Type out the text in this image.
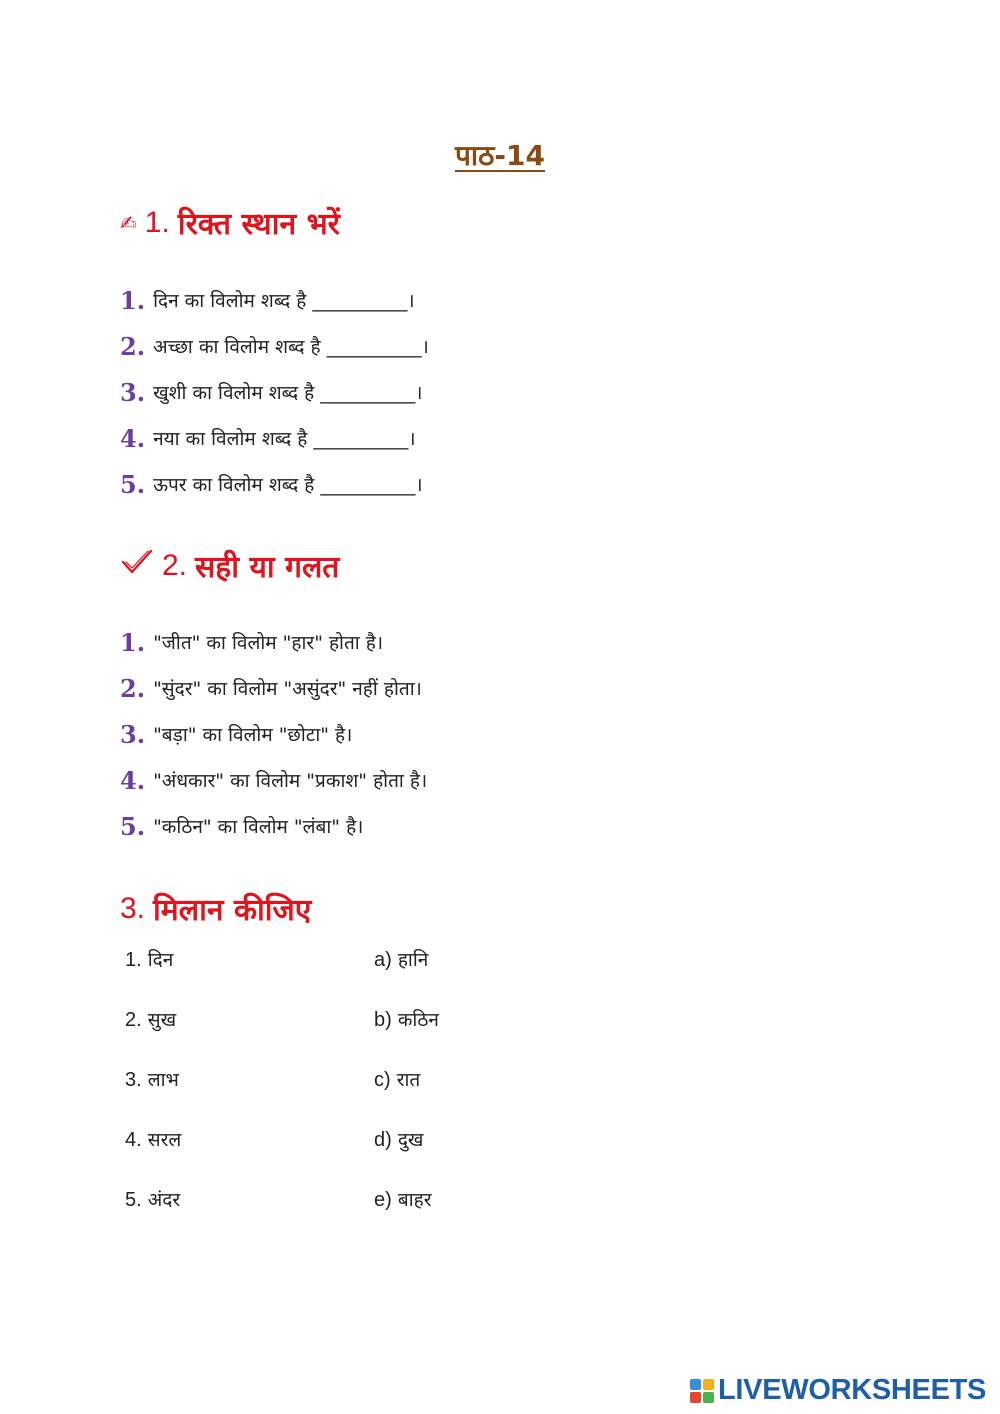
पाठ-14
✍ 1. रिक्त स्थान भरें
1. दिन का विलोम शब्द है __________।
2. अच्छा का विलोम शब्द है __________।
3. खुशी का विलोम शब्द है __________।
4. नया का विलोम शब्द है __________।
5. ऊपर का विलोम शब्द है __________।
2. सही या गलत
1. "जीत" का विलोम "हार" होता है।
2. "सुंदर" का विलोम "असुंदर" नहीं होता।
3. "बड़ा" का विलोम "छोटा" है।
4. "अंधकार" का विलोम "प्रकाश" होता है।
5. "कठिन" का विलोम "लंबा" है।
3. मिलान कीजिए
1. दिन	a) हानि
2. सुख	b) कठिन
3. लाभ	c) रात
4. सरल	d) दुख
5. अंदर	e) बाहर
LIVEWORKSHEETS
